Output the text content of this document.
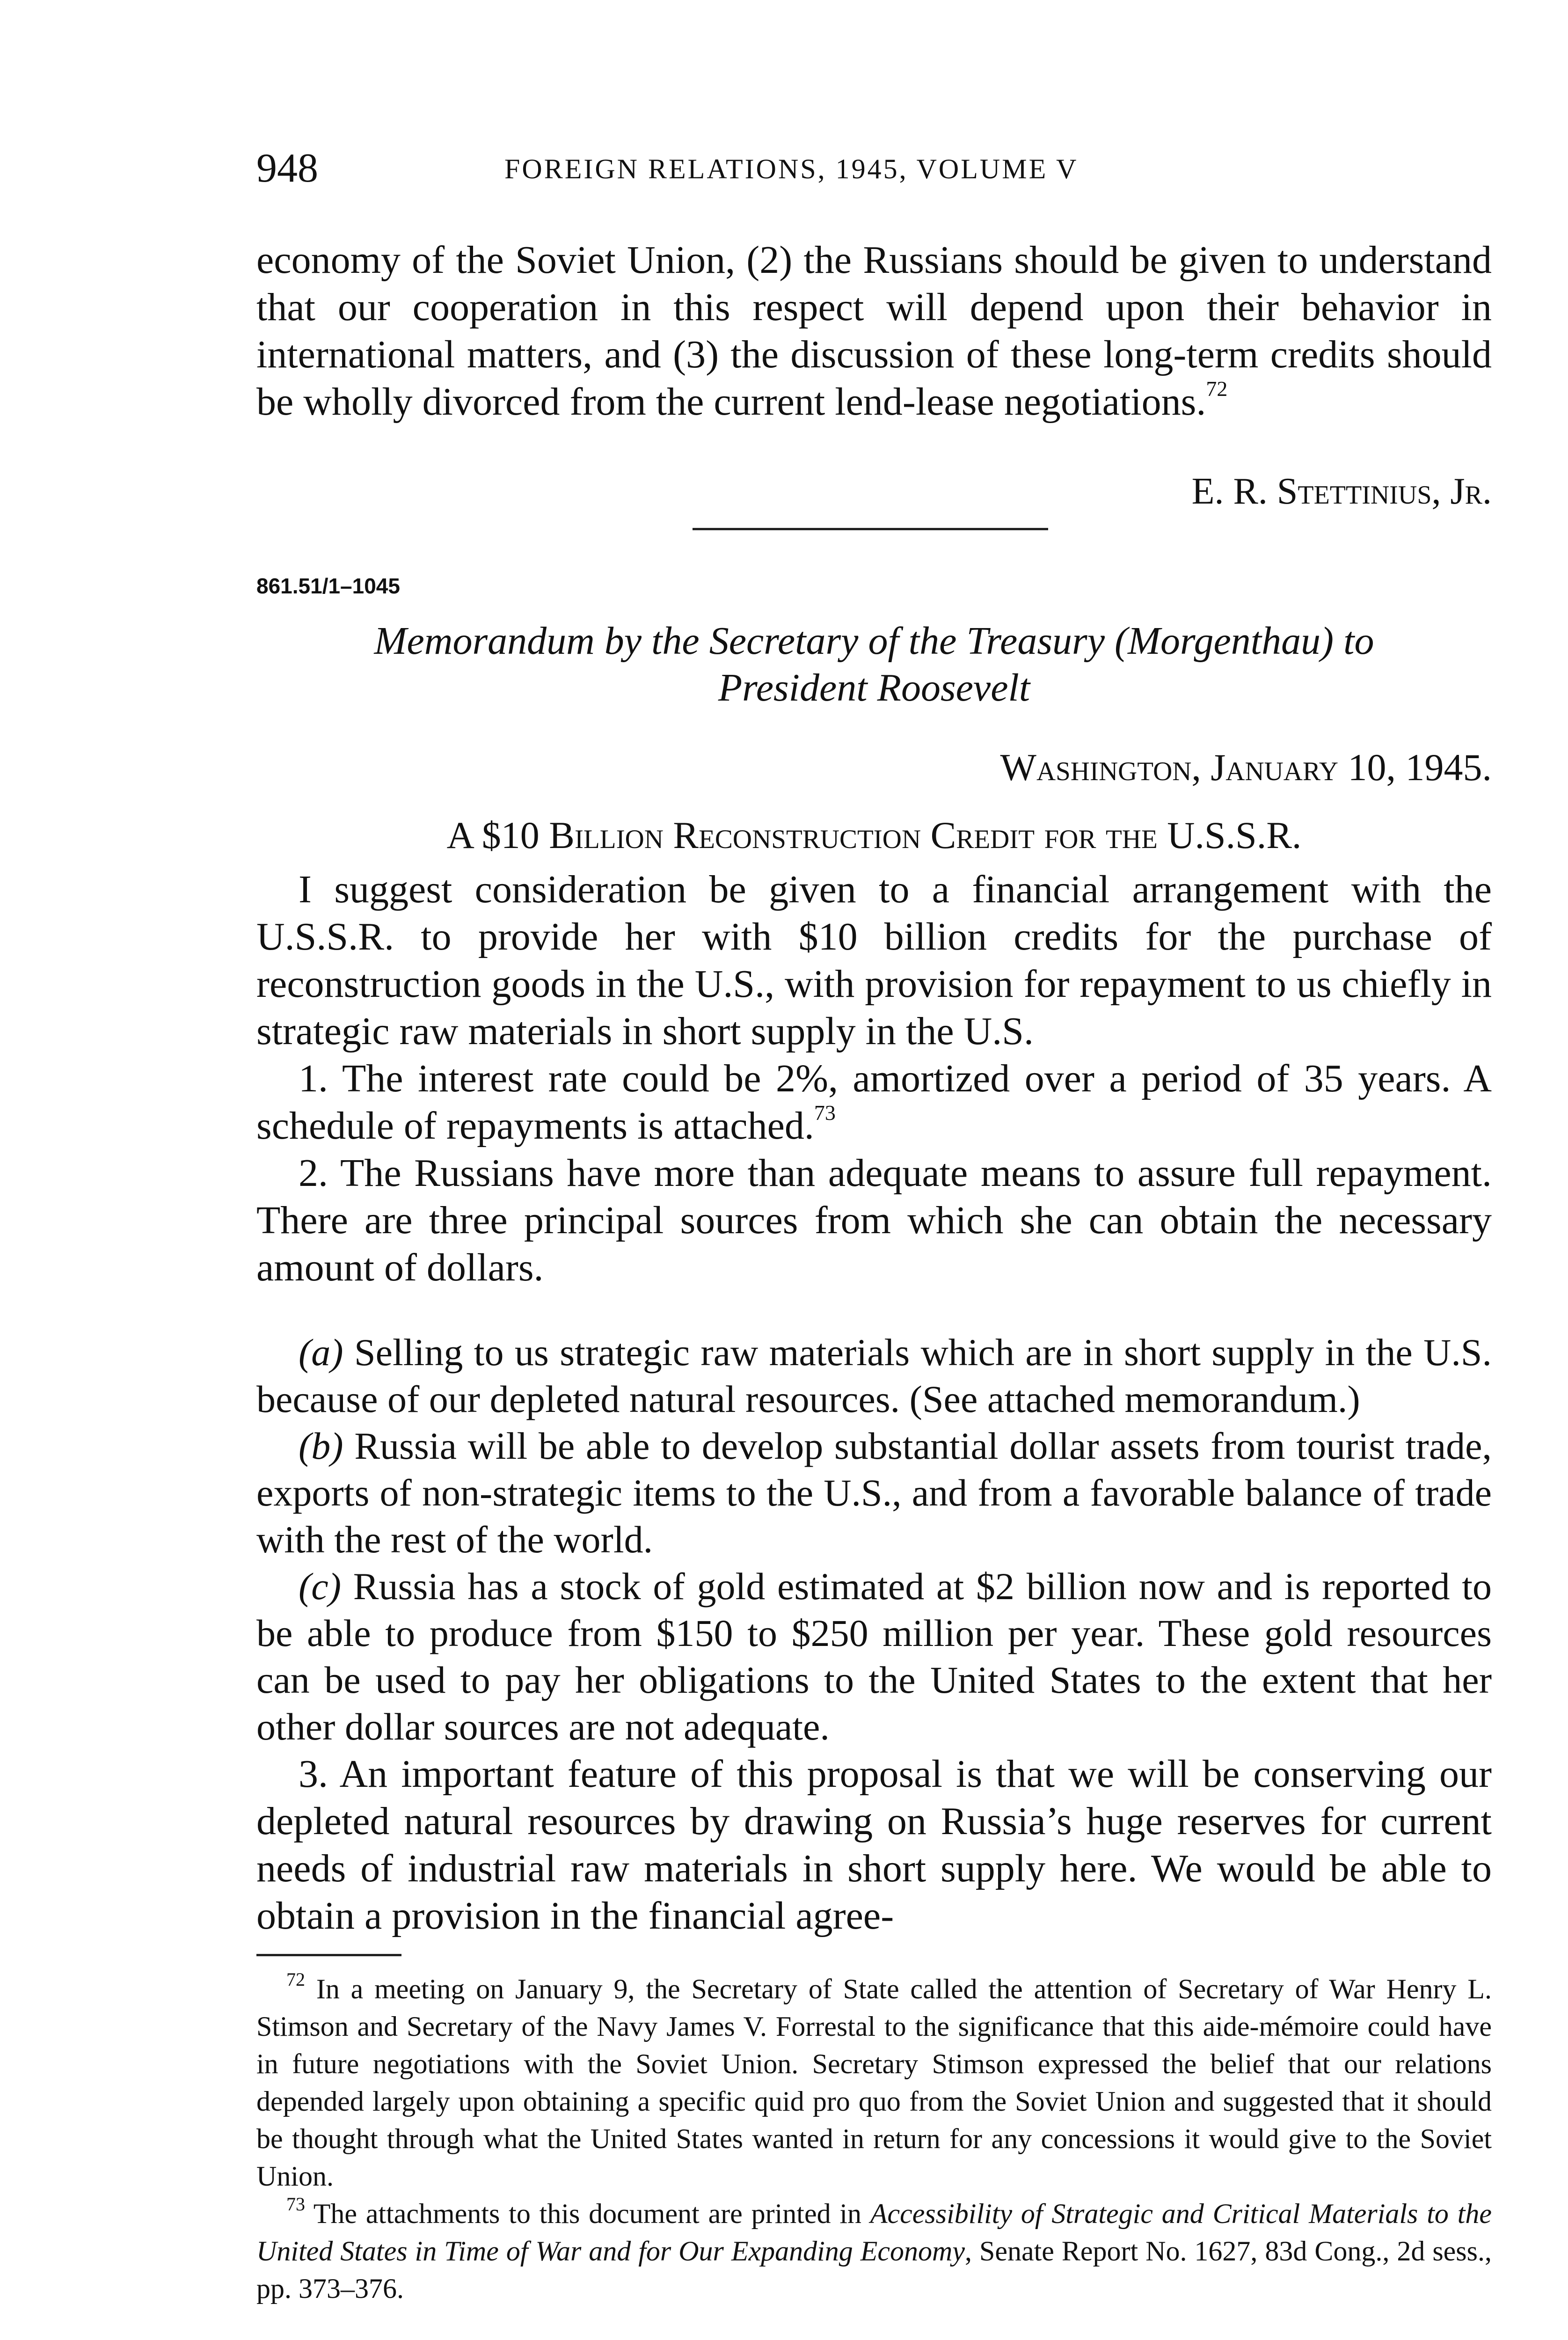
948	FOREIGN RELATIONS, 1945, VOLUME V

economy of the Soviet Union, (2) the Russians should be given to understand that our cooperation in this respect will depend upon their behavior in international matters, and (3) the discussion of these long-term credits should be wholly divorced from the current lend-lease negotiations.$^{72}$

E. R. Stettinius, Jr.
861.51/1–1045
Memorandum by the Secretary of the Treasury (Morgenthau) to
President Roosevelt
Washington, January 10, 1945.
A $10 Billion Reconstruction Credit for the U.S.S.R.

I suggest consideration be given to a financial arrangement with the U.S.S.R. to provide her with $10 billion credits for the purchase of reconstruction goods in the U.S., with provision for repayment to us chiefly in strategic raw materials in short supply in the U.S.

1. The interest rate could be 2%, amortized over a period of 35 years. A schedule of repayments is attached.$^{73}$

2. The Russians have more than adequate means to assure full repayment. There are three principal sources from which she can obtain the necessary amount of dollars.

(a) Selling to us strategic raw materials which are in short supply in the U.S. because of our depleted natural resources. (See attached memorandum.)

(b) Russia will be able to develop substantial dollar assets from tourist trade, exports of non-strategic items to the U.S., and from a favorable balance of trade with the rest of the world.

(c) Russia has a stock of gold estimated at $2 billion now and is reported to be able to produce from $150 to $250 million per year. These gold resources can be used to pay her obligations to the United States to the extent that her other dollar sources are not adequate.

3. An important feature of this proposal is that we will be conserving our depleted natural resources by drawing on Russia’s huge reserves for current needs of industrial raw materials in short supply here. We would be able to obtain a provision in the financial agree-

$^{72}$ In a meeting on January 9, the Secretary of State called the attention of Secretary of War Henry L. Stimson and Secretary of the Navy James V. Forrestal to the significance that this aide-mémoire could have in future negotiations with the Soviet Union. Secretary Stimson expressed the belief that our relations depended largely upon obtaining a specific quid pro quo from the Soviet Union and suggested that it should be thought through what the United States wanted in return for any concessions it would give to the Soviet Union.

$^{73}$ The attachments to this document are printed in Accessibility of Strategic and Critical Materials to the United States in Time of War and for Our Expanding Economy, Senate Report No. 1627, 83d Cong., 2d sess., pp. 373–376.
